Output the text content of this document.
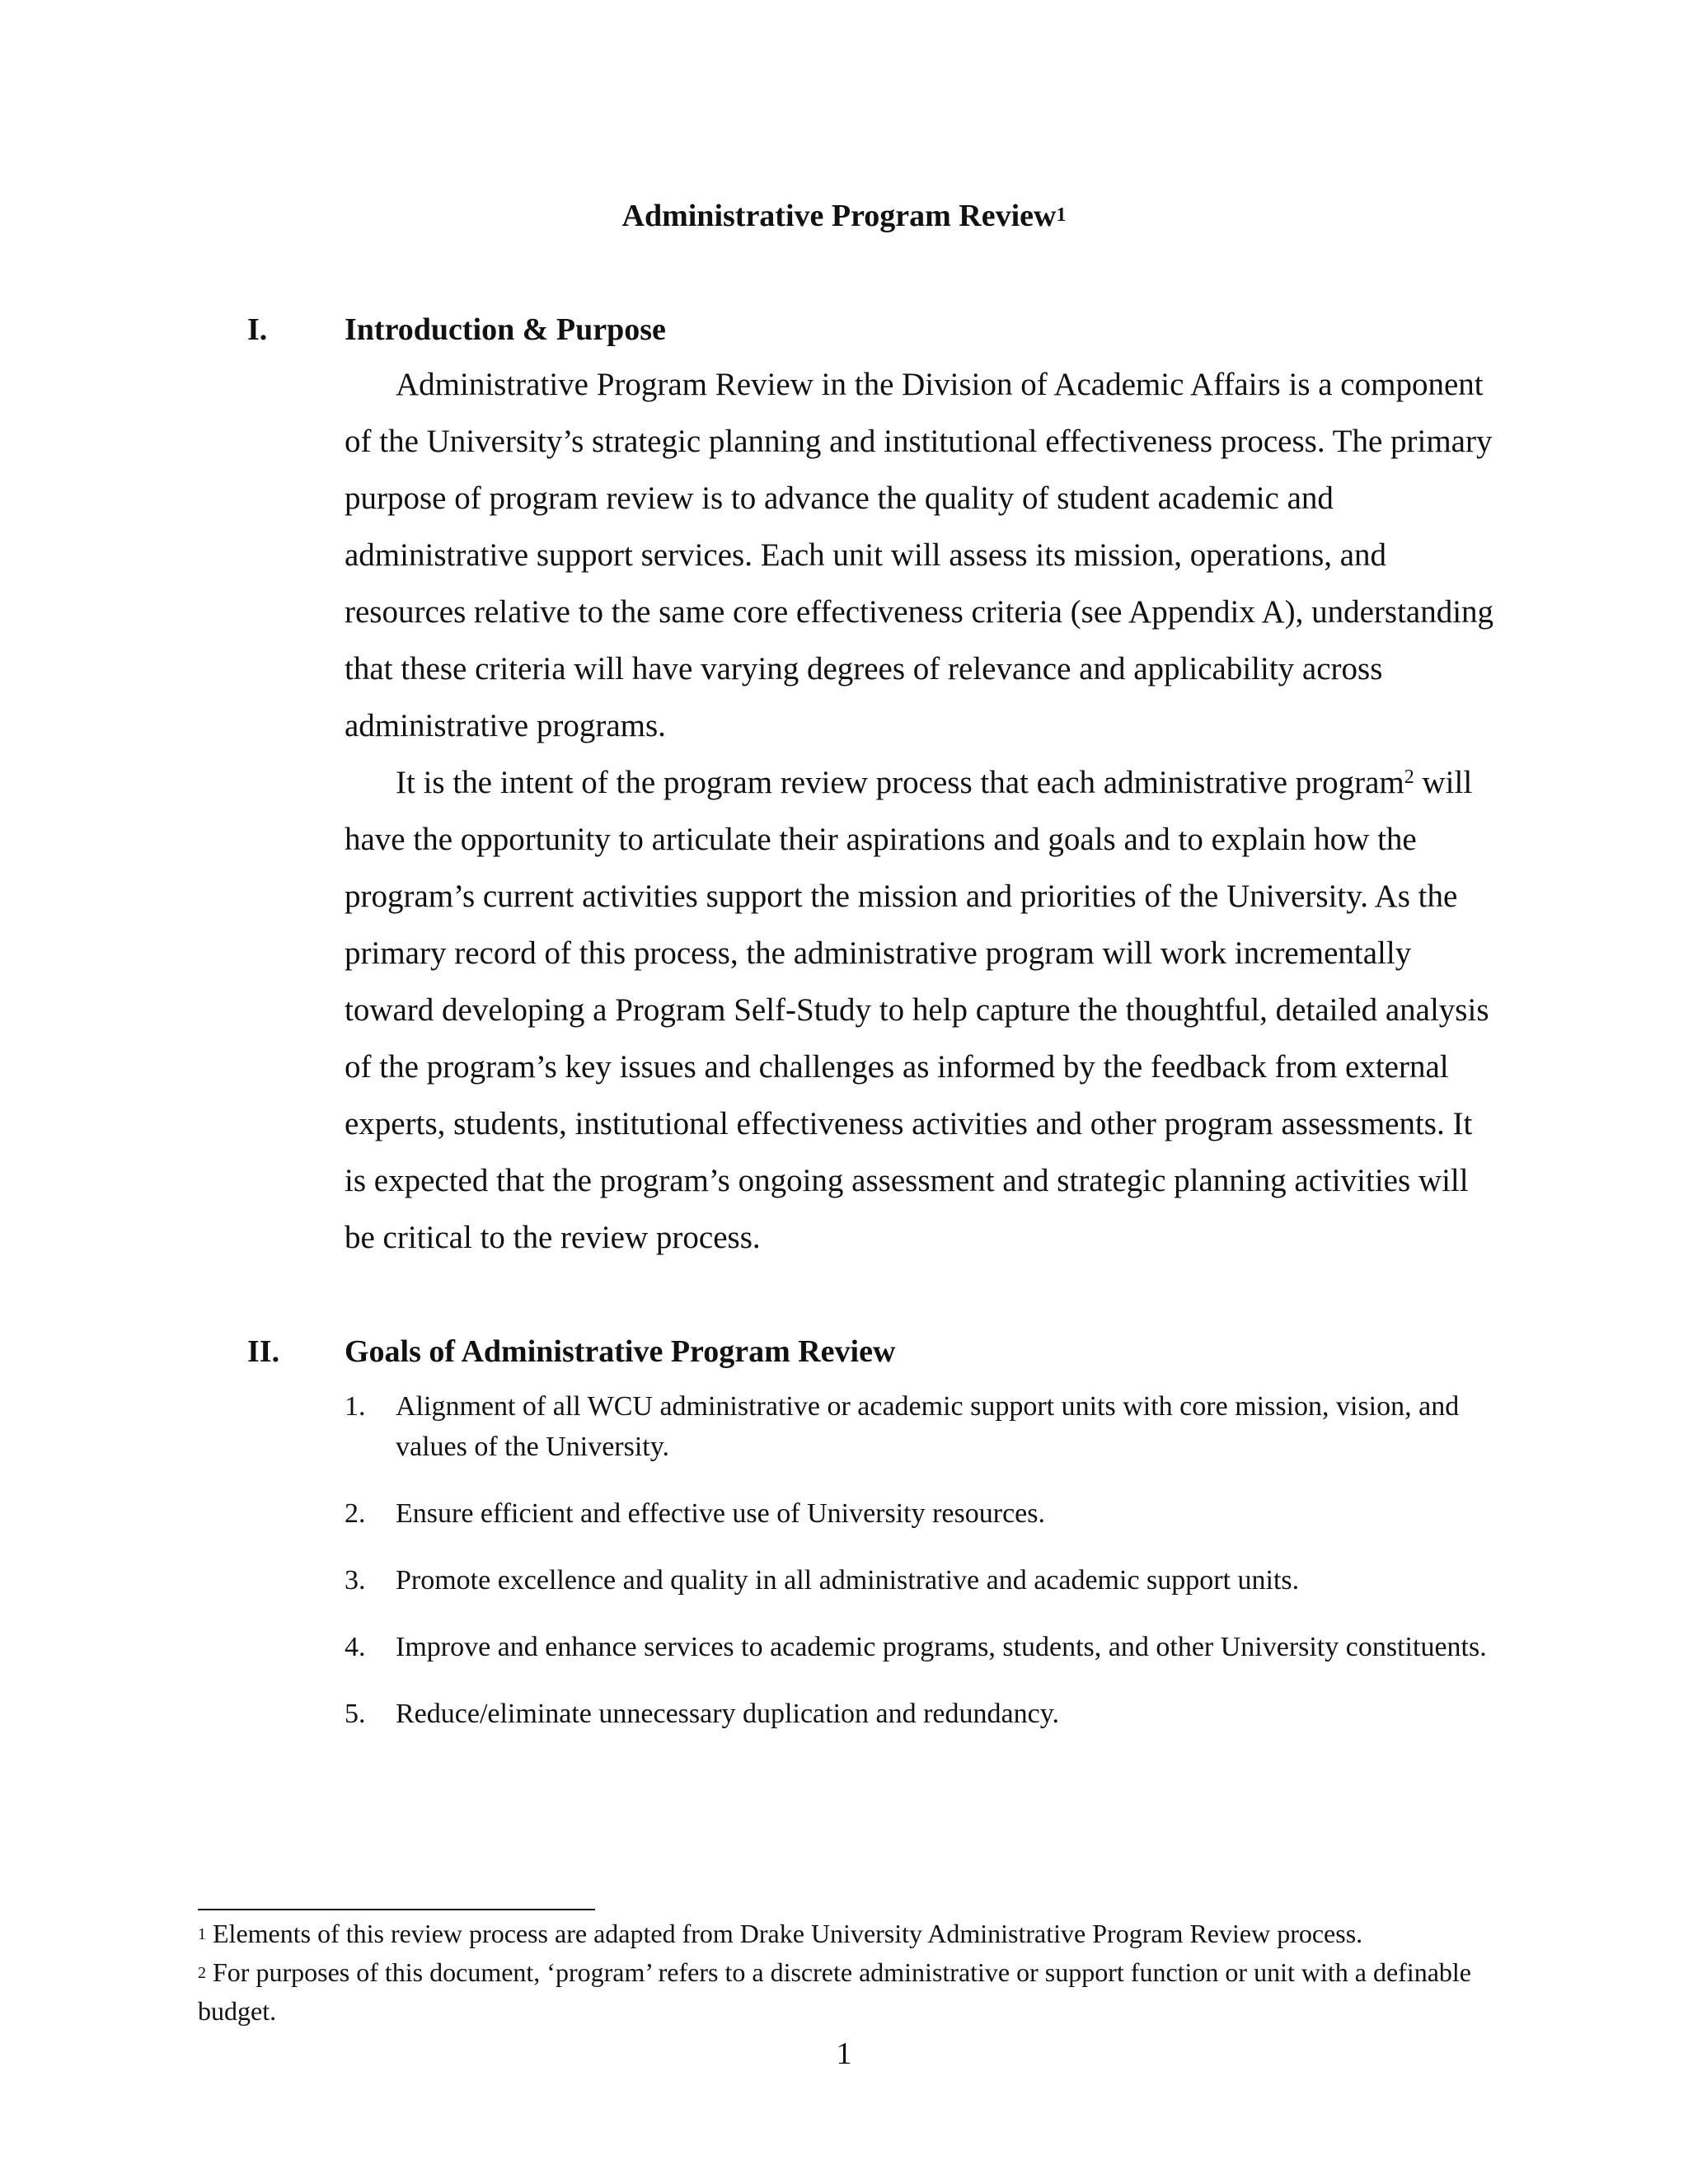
Administrative Program Review$^1$
I. Introduction & Purpose

Administrative Program Review in the Division of Academic Affairs is a component of the University’s strategic planning and institutional effectiveness process. The primary purpose of program review is to advance the quality of student academic and administrative support services. Each unit will assess its mission, operations, and resources relative to the same core effectiveness criteria (see Appendix A), understanding that these criteria will have varying degrees of relevance and applicability across administrative programs.

It is the intent of the program review process that each administrative program$^2$ will have the opportunity to articulate their aspirations and goals and to explain how the program’s current activities support the mission and priorities of the University. As the primary record of this process, the administrative program will work incrementally toward developing a Program Self-Study to help capture the thoughtful, detailed analysis of the program’s key issues and challenges as informed by the feedback from external experts, students, institutional effectiveness activities and other program assessments. It is expected that the program’s ongoing assessment and strategic planning activities will be critical to the review process.

II. Goals of Administrative Program Review
1. Alignment of all WCU administrative or academic support units with core mission, vision, and values of the University.
2. Ensure efficient and effective use of University resources.
3. Promote excellence and quality in all administrative and academic support units.
4. Improve and enhance services to academic programs, students, and other University constituents.
5. Reduce/eliminate unnecessary duplication and redundancy.

$^1$ Elements of this review process are adapted from Drake University Administrative Program Review process.

$^2$ For purposes of this document, ‘program’ refers to a discrete administrative or support function or unit with a definable budget.

1
